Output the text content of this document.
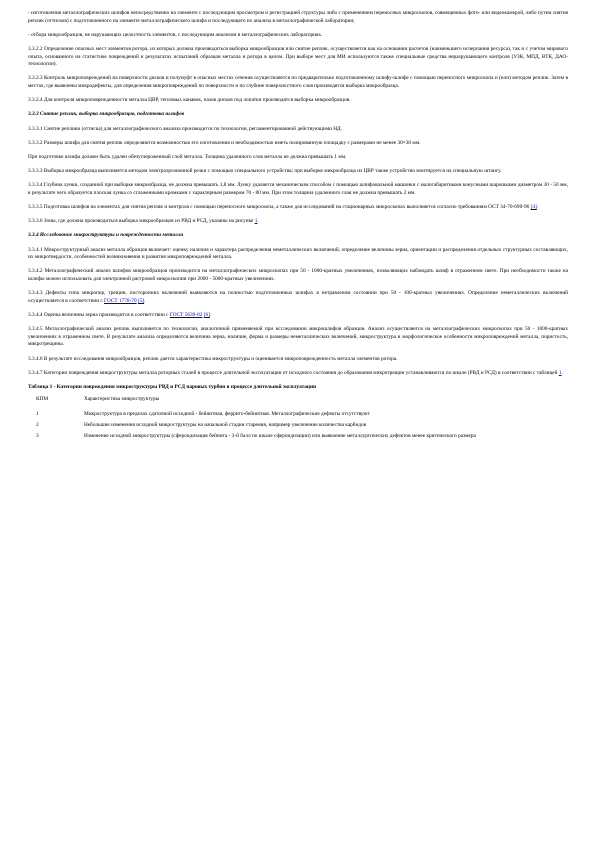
- изготовления металлографических шлифов непосредственно на элементе с последующим просмотром и регистрацией структуры либо с применением переносных микроскопов, совмещенных фото- или видеокамерой, либо путем снятия реплик (оттисков) с подготовленного на элементе металлографического шлифа и последующего их анализа в металлографической лаборатории;

- отбора микрообразцов, не нарушающих целостность элементов, с последующим анализом в металлографических лабораториях.

3.3.2.2 Определение опасных мест элементов ротора, из которых должна производиться выборка микрообразцов или снятие реплик, осуществляется как на основании расчетов (наименьшего исчерпания ресурса), так и с учетом мирового опыта, основанного на статистике повреждений и результатах испытаний образцов металла и ротора в целом. При выборе мест для МИ используются также специальные средства неразрушающего контроля (УЗК, МПД, ВТК, ДАО-технологии).

3.3.2.3 Контроль микроповреждений на поверхности дисков и полумуфт в опасных местах сечения осуществляется по предварительно подготовленному шлифу-шлифе с помощью переносного микроскопа и (или) методом реплик. Затем в местах, где выявлены микродефекты, для определения микроповреждений по поверхности и по глубине поверхностного слоя производятся выборка микрообразца.

3.3.2.4 Для контроля микроповрежденности металла ЦВР, тепловых канавок, пазов дисков под лопатки производятся выборка микрообразцов.

3.3.3 Снятие реплик, выборка микрообразцов, подготовка шлифов

3.3.3.1 Снятие реплики (оттиска) для металлографического анализа производится по технологии, регламентированной действующими НД.

3.3.3.2 Размеры шлифа для снятия реплик определяются возможностью его изготовления и необходимостью иметь полированную площадку с размерами не менее 30×30 мм.

При подготовке шлифа должен быть удален обезуглероженный слой металла. Толщина удаленного слоя металла не должна превышать 1 мм.

3.3.3.3 Выборка микрообразца выполняется методом электроэрозионной резки с помощью специального устройства; при выборке микрообразца из ЦВР также устройство монтируется на специальную штангу.

3.3.3.4 Глубина лунки, созданной при выборке микрообразца, не должна превышать 1,8 мм. Лунку удаляется механическим способом с помощью шлифовальной машинки с малогабаритными конусными шарошками диаметром 30 - 50 мм, в результате чего образуется плоская лунка со сглаженными кромками с характерным размером 70 - 80 мм. При этом толщина удаленного слоя не должна превышать 2 мм.

3.3.3.5 Подготовка шлифов на элементах для снятия реплик и контроля с помощью переносного микроскопа, а также для исследований на стационарных микроскопах выполняется согласно требованиям ОСТ 34-70-690-96 [4].

3.3.3.6 Зоны, где должна производиться выборка микрообразцов из РВД и РСД, указаны на рисунке 1.

3.3.4 Исследование микроструктуры и поврежденности металла

3.3.4.1 Микроструктурный анализ металла образцов включает: оценку наличия и характера распределения неметаллических включений, определение величины зерна, ориентации и распределения отдельных структурных составляющих, их микротвердости, особенностей возникновения и развития микроповреждений металла.

3.3.4.2 Металлографический анализ шлифов микрообразцов производится на металлографических микроскопах при 50 - 1000-кратных увеличениях, позволяющих наблюдать шлиф в отраженном свете. При необходимости также на шлифы можно использовать для электронной растровой микроскопии при 2000 - 5000-кратных увеличениях.

3.3.4.3 Дефекты типа микропор, трещин, посторонних включений выявляются на полностью подготовленных шлифах в нетравленом состоянии при 50 - 100-кратных увеличениях. Определение неметаллических включений осуществляется в соответствии с ГОСТ 1778-70 [5].

3.3.4.4 Оценка величины зерна производится в соответствии с ГОСТ 5639-82 [6].

3.3.4.5 Металлографический анализ реплик выполняется по технологии, аналогичной применяемой при исследовании микрошлифов образцов. Анализ осуществляется на металлографических микроскопах при 50 - 1000-кратных увеличениях в отраженном свете. В результате анализа определяются величина зерна, наличие, форма и размеры неметаллических включений, микроструктура и морфологическое особенности микроповреждений металла, пористость, микротрещины.

3.3.4.6 В результате исследования микрообразцов, реплик дается характеристика микроструктуры и оценивается микроповрежденность металла элементов ротора.

3.3.4.7 Категории повреждения микроструктуры металла роторных сталей в процессе длительной эксплуатации от исходного состояния до образования микротрещин устанавливаются по шкале (РВД и РСД) в соответствии с таблицей 1.

Таблица 1 - Категории повреждения микроструктуры РВД и РСД паровых турбин в процессе длительной эксплуатации

КПМ	Характеристика микроструктуры
1	Микроструктура в пределах сдаточной исходной - бейнитная, феррито-бейнитная. Металлографические дефекты отсутствуют
2	Небольшие изменения исходной микроструктуры на начальной стадии старения, например увеличение количества карбидов
3	Изменение исходной микроструктуры (сфероидизация бейнита - 3-й балл по шкале сфероидизации) или выявление металлургических дефектов менее критического размера
